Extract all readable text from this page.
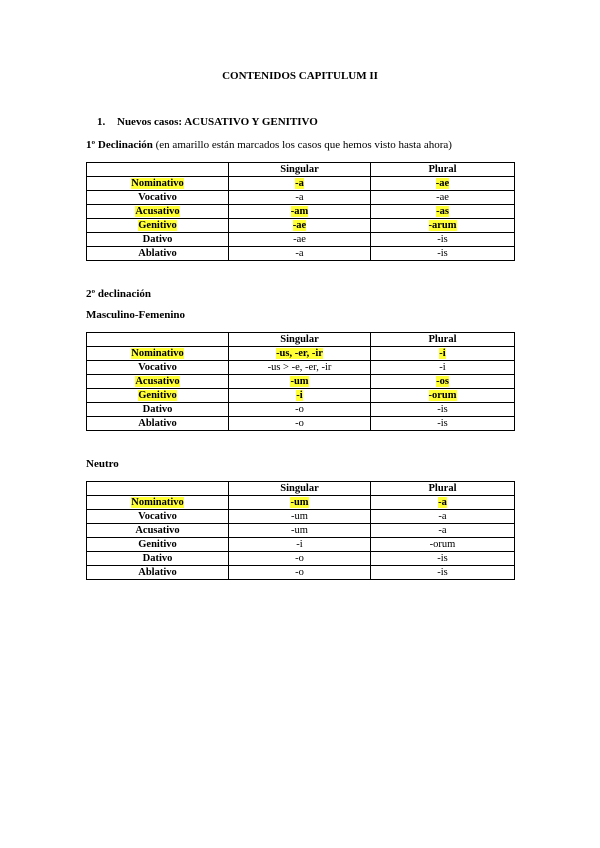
CONTENIDOS CAPITULUM II
1. Nuevos casos: ACUSATIVO Y GENITIVO
1º Declinación (en amarillo están marcados los casos que hemos visto hasta ahora)
	Singular	Plural
Nominativo	-a	-ae
Vocativo	-a	-ae
Acusativo	-am	-as
Genitivo	-ae	-arum
Dativo	-ae	-is
Ablativo	-a	-is
2º declinación
Masculino-Femenino
	Singular	Plural
Nominativo	-us, -er, -ir	-i
Vocativo	-us > -e, -er, -ir	-i
Acusativo	-um	-os
Genitivo	-i	-orum
Dativo	-o	-is
Ablativo	-o	-is
Neutro
	Singular	Plural
Nominativo	-um	-a
Vocativo	-um	-a
Acusativo	-um	-a
Genitivo	-i	-orum
Dativo	-o	-is
Ablativo	-o	-is
